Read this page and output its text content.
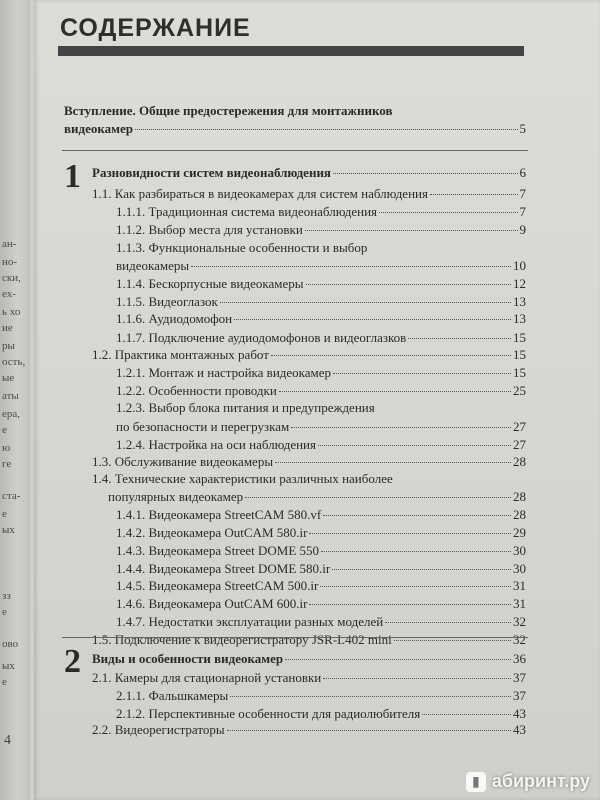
4
ан-
но-
ски,
ех-
ь хо
ие
ры
ость,
ые
аты
ера,
е
ю
ге
ста-
е
ых
зз
е
ово
ых
е
СОДЕРЖАНИЕ
Вступление. Общие предостережения для монтажников
видеокамер	5
1 Разновидности систем видеонаблюдения	6
1.1. Как разбираться в видеокамерах для систем наблюдения	7
1.1.1. Традиционная система видеонаблюдения	7
1.1.2. Выбор места для установки	9
1.1.3. Функциональные особенности и выбор
видеокамеры	10
1.1.4. Бескорпусные видеокамеры	12
1.1.5. Видеоглазок	13
1.1.6. Аудиодомофон	13
1.1.7. Подключение аудиодомофонов и видеоглазков	15
1.2. Практика монтажных работ	15
1.2.1. Монтаж и настройка видеокамер	15
1.2.2. Особенности проводки	25
1.2.3. Выбор блока питания и предупреждения
по безопасности и перегрузкам	27
1.2.4. Настройка на оси наблюдения	27
1.3. Обслуживание видеокамеры	28
1.4. Технические характеристики различных наиболее
популярных видеокамер	28
1.4.1. Видеокамера StreetCAM 580.vf	28
1.4.2. Видеокамера OutCAM 580.ir	29
1.4.3. Видеокамера Street DOME 550	30
1.4.4. Видеокамера Street DOME 580.ir	30
1.4.5. Видеокамера StreetCAM 500.ir	31
1.4.6. Видеокамера OutCAM 600.ir	31
1.4.7. Недостатки эксплуатации разных моделей	32
1.5. Подключение к видеорегистратору JSR-L402 mini	32
2 Виды и особенности видеокамер	36
2.1. Камеры для стационарной установки	37
2.1.1. Фальшкамеры	37
2.1.2. Перспективные особенности для радиолюбителя	43
2.2. Видеорегистраторы	43
▮ абиринт.ру
